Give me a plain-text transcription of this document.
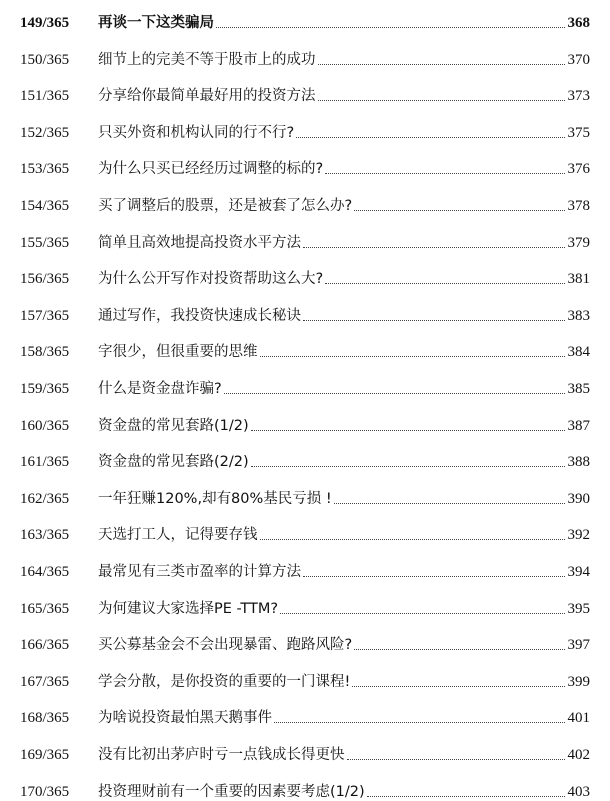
149/365	再谈一下这类骗局	368
150/365	细节上的完美不等于股市上的成功	370
151/365	分享给你最简单最好用的投资方法	373
152/365	只买外资和机构认同的行不行?	375
153/365	为什么只买已经经历过调整的标的?	376
154/365	买了调整后的股票，还是被套了怎么办?	378
155/365	简单且高效地提高投资水平方法	379
156/365	为什么公开写作对投资帮助这么大?	381
157/365	通过写作，我投资快速成长秘诀	383
158/365	字很少，但很重要的思维	384
159/365	什么是资金盘诈骗?	385
160/365	资金盘的常见套路(1/2)	387
161/365	资金盘的常见套路(2/2)	388
162/365	一年狂赚120%,却有80%基民亏损 !	390
163/365	天选打工人，记得要存钱	392
164/365	最常见有三类市盈率的计算方法	394
165/365	为何建议大家选择PE -TTM?	395
166/365	买公募基金会不会出现暴雷、跑路风险?	397
167/365	学会分散，是你投资的重要的一门课程!	399
168/365	为啥说投资最怕黑天鹅事件	401
169/365	没有比初出茅庐时亏一点钱成长得更快	402
170/365	投资理财前有一个重要的因素要考虑(1/2)	403
